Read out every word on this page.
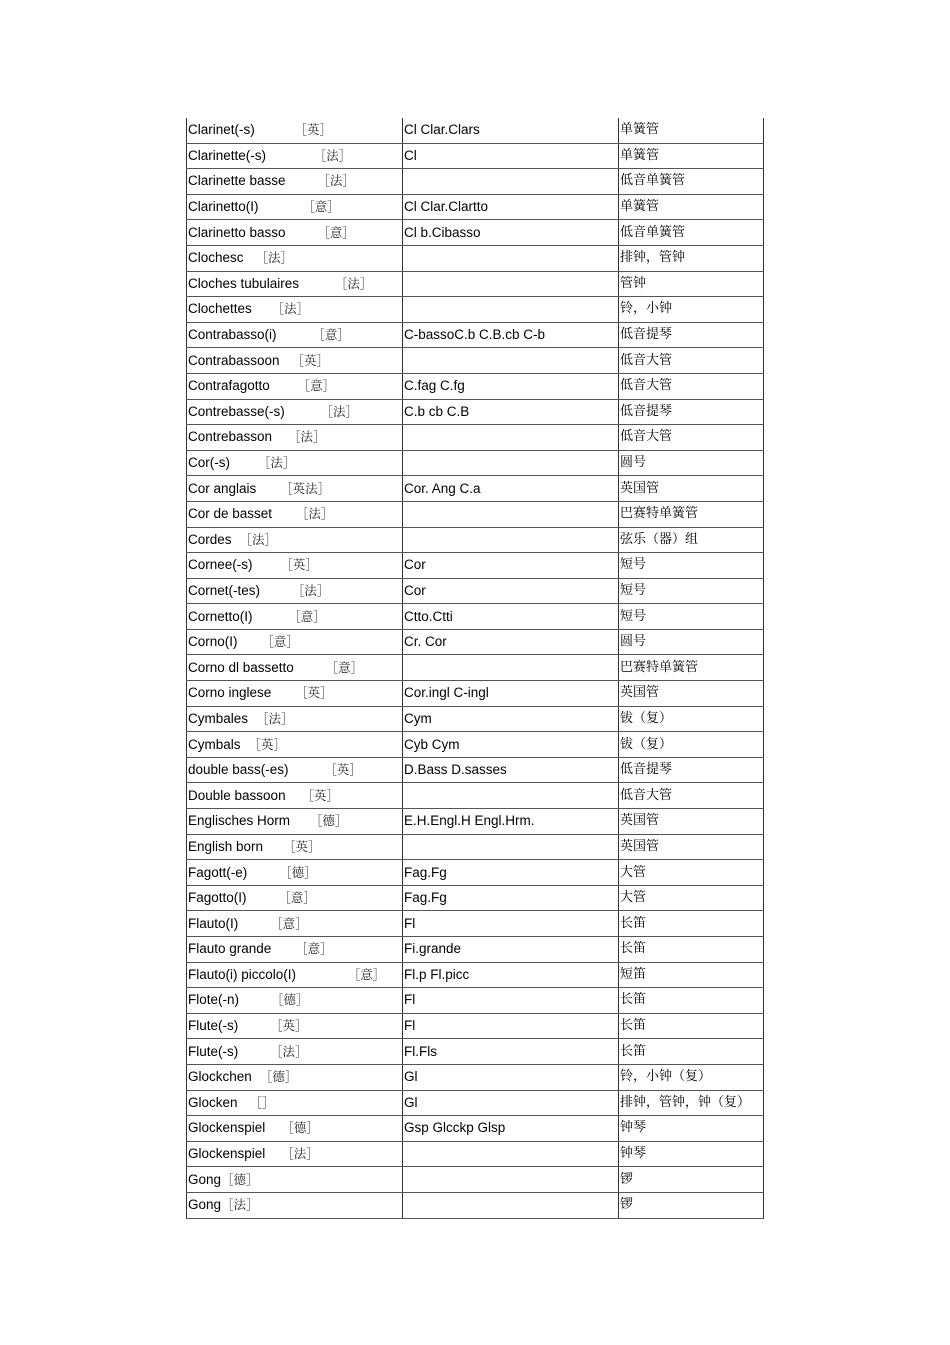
Clarinet(-s) ［英］	Cl Clar.Clars	单簧管
Clarinette(-s) ［法］	Cl	单簧管
Clarinette basse ［法］		低音单簧管
Clarinetto(I) ［意］	Cl Clar.Clartto	单簧管
Clarinetto basso ［意］	Cl b.Cibasso	低音单簧管
Clochesc ［法］		排钟，管钟
Cloches tubulaires ［法］		管钟
Clochettes ［法］		铃，小钟
Contrabasso(i) ［意］	C-bassoC.b C.B.cb C-b	低音提琴
Contrabassoon ［英］		低音大管
Contrafagotto ［意］	C.fag C.fg	低音大管
Contrebasse(-s) ［法］	C.b cb C.B	低音提琴
Contrebasson ［法］		低音大管
Cor(-s) ［法］		圆号
Cor anglais ［英法］	Cor. Ang C.a	英国管
Cor de basset ［法］		巴赛特单簧管
Cordes ［法］		弦乐（器）组
Cornee(-s) ［英］	Cor	短号
Cornet(-tes) ［法］	Cor	短号
Cornetto(I) ［意］	Ctto.Ctti	短号
Corno(I) ［意］	Cr. Cor	圆号
Corno dl bassetto ［意］		巴赛特单簧管
Corno inglese ［英］	Cor.ingl C-ingl	英国管
Cymbales ［法］	Cym	钹（复）
Cymbals ［英］	Cyb Cym	钹（复）
double bass(-es) ［英］	D.Bass D.sasses	低音提琴
Double bassoon ［英］		低音大管
Englisches Horm ［德］	E.H.Engl.H Engl.Hrm.	英国管
English born ［英］		英国管
Fagott(-e) ［德］	Fag.Fg	大管
Fagotto(I) ［意］	Fag.Fg	大管
Flauto(I) ［意］	Fl	长笛
Flauto grande ［意］	Fi.grande	长笛
Flauto(i) piccolo(I) ［意］	Fl.p Fl.picc	短笛
Flote(-n) ［德］	Fl	长笛
Flute(-s) ［英］	Fl	长笛
Flute(-s) ［法］	Fl.Fls	长笛
Glockchen ［德］	Gl	铃，小钟（复）
Glocken ［］	Gl	排钟，管钟，钟（复）
Glockenspiel ［德］	Gsp Glcckp Glsp	钟琴
Glockenspiel ［法］		钟琴
Gong［德］		锣
Gong［法］		锣
